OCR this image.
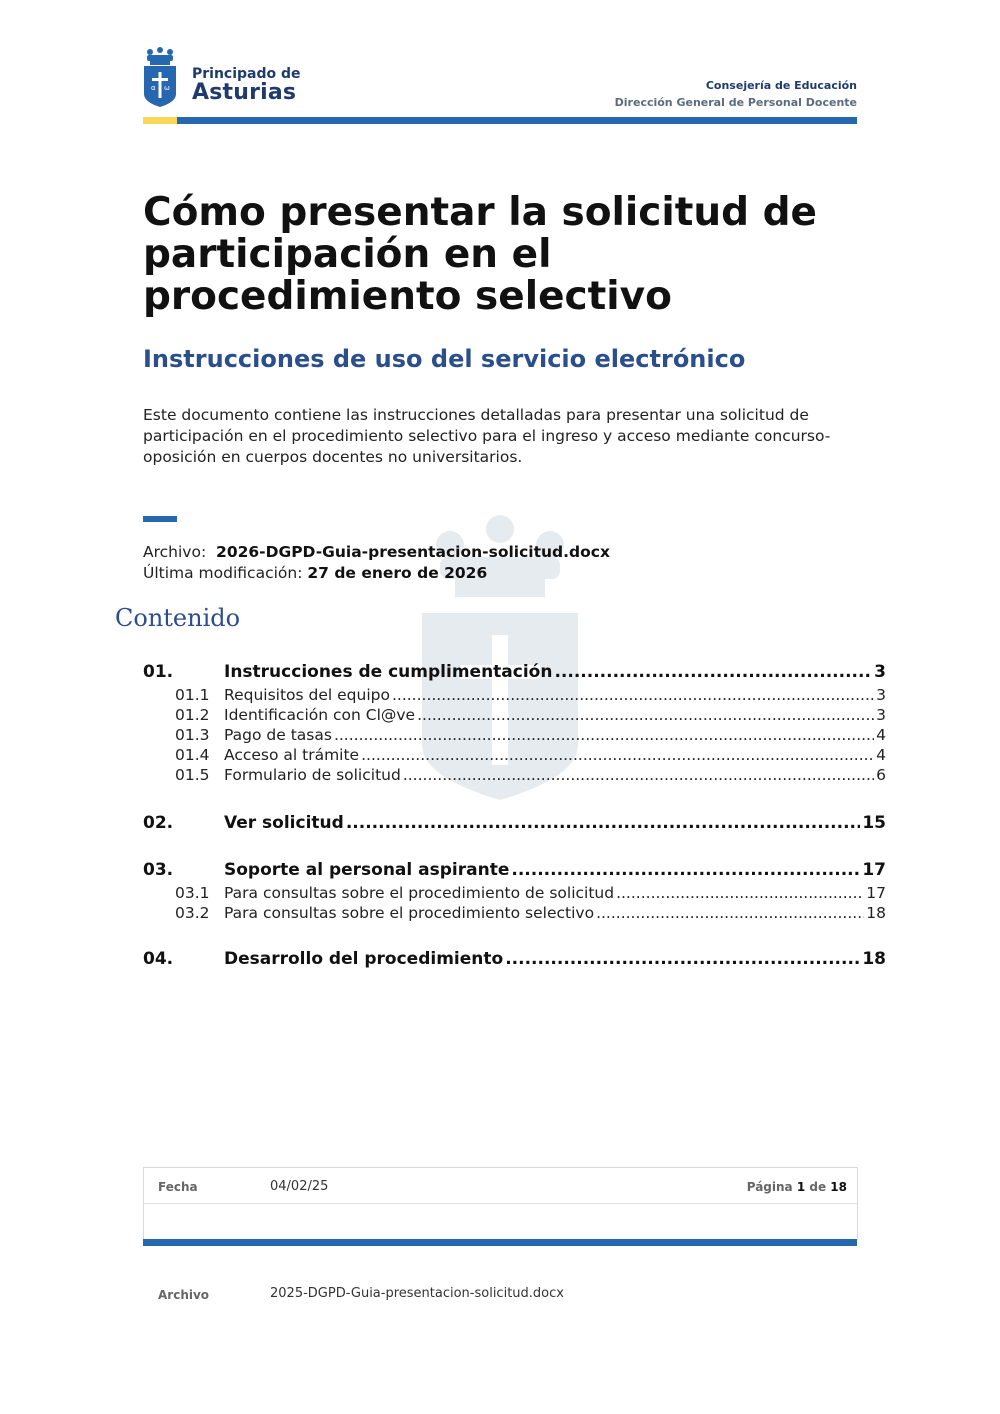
α ω
Principado de
Asturias	Consejería de Educación
Dirección General de Personal Docente
Cómo presentar la solicitud de participación en el procedimiento selectivo
Instrucciones de uso del servicio electrónico

Este documento contiene las instrucciones detalladas para presentar una solicitud de participación en el procedimiento selectivo para el ingreso y acceso mediante concurso-oposición en cuerpos docentes no universitarios.

Archivo: 2026-DGPD-Guia-presentacion-solicitud.docx
Última modificación: 27 de enero de 2026
Contenido
01.	Instrucciones de cumplimentación .....	3
01.1 Requisitos del equipo .....	3
01.2 Identificación con Cl@ve .....	3
01.3 Pago de tasas .....	4
01.4 Acceso al trámite .....	4
01.5 Formulario de solicitud .....	6
02.	Ver solicitud .....	15
03.	Soporte al personal aspirante .....	17
03.1 Para consultas sobre el procedimiento de solicitud .....	17
03.2 Para consultas sobre el procedimiento selectivo .....	18
04.	Desarrollo del procedimiento .....	18
Fecha	04/02/25	Página 1 de 18
Archivo	2025-DGPD-Guia-presentacion-solicitud.docx
